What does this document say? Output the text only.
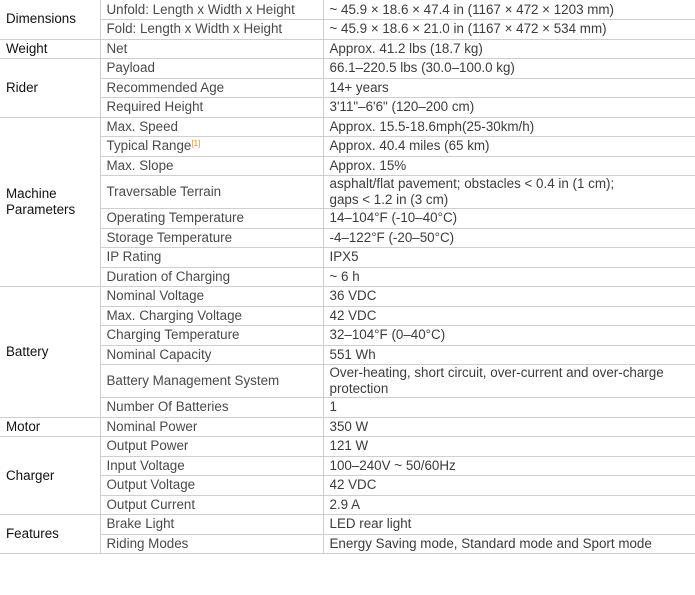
Dimensions	Unfold: Length x Width x Height	~ 45.9 × 18.6 × 47.4 in (1167 × 472 × 1203 mm)
	Fold: Length x Width x Height	~ 45.9 × 18.6 × 21.0 in (1167 × 472 × 534 mm)
Weight	Net	Approx. 41.2 lbs (18.7 kg)
Rider	Payload	66.1–220.5 lbs (30.0–100.0 kg)
	Recommended Age	14+ years
	Required Height	3'11"–6'6" (120–200 cm)
Machine
Parameters	Max. Speed	Approx. 15.5-18.6mph(25-30km/h)
	Typical Range[1]	Approx. 40.4 miles (65 km)
	Max. Slope	Approx. 15%
	Traversable Terrain	asphalt/flat pavement; obstacles < 0.4 in (1 cm);
gaps < 1.2 in (3 cm)
	Operating Temperature	14–104°F (-10–40°C)
	Storage Temperature	-4–122°F (-20–50°C)
	IP Rating	IPX5
	Duration of Charging	~ 6 h
Battery	Nominal Voltage	36 VDC
	Max. Charging Voltage	42 VDC
	Charging Temperature	32–104°F (0–40°C)
	Nominal Capacity	551 Wh
	Battery Management System	Over-heating, short circuit, over-current and over-charge
protection
	Number Of Batteries	1
Motor	Nominal Power	350 W
Charger	Output Power	121 W
	Input Voltage	100–240V ~ 50/60Hz
	Output Voltage	42 VDC
	Output Current	2.9 A
Features	Brake Light	LED rear light
	Riding Modes	Energy Saving mode, Standard mode and Sport mode
